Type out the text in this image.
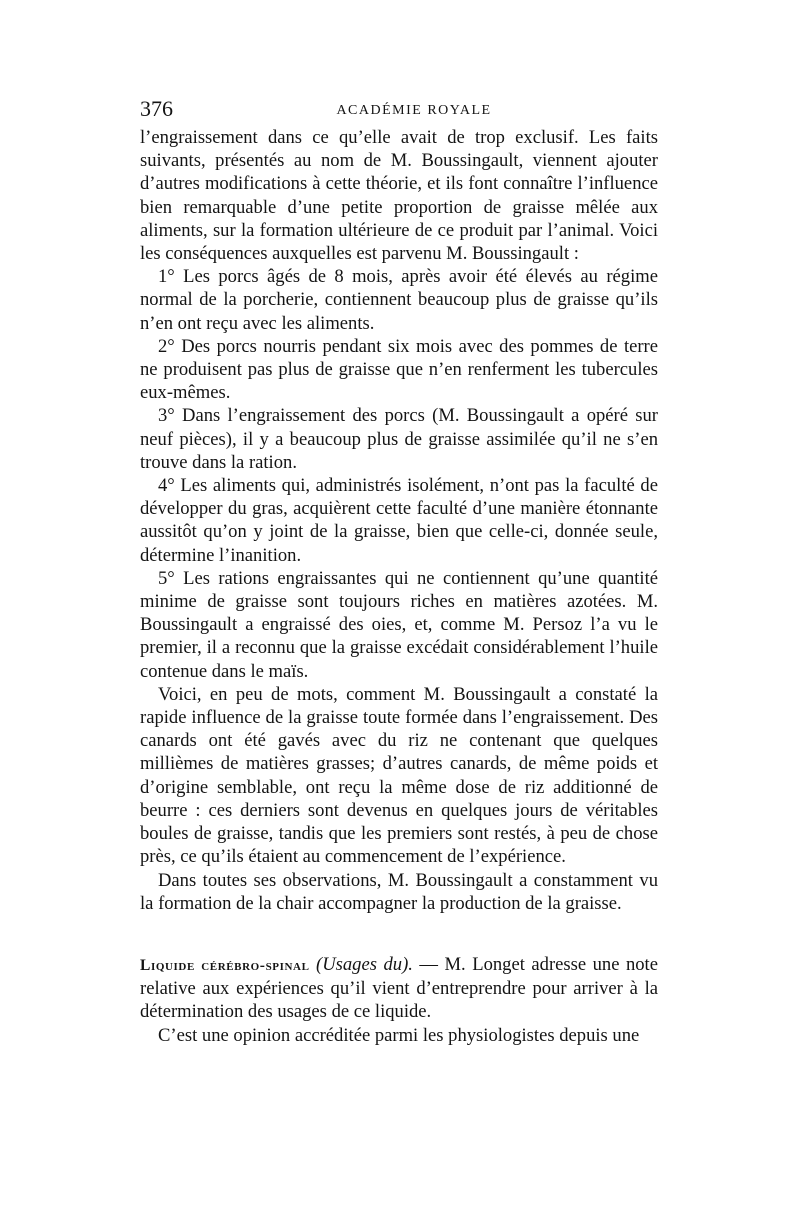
376	ACADÉMIE ROYALE

l’engraissement dans ce qu’elle avait de trop exclusif. Les faits suivants, présentés au nom de M. Boussingault, viennent ajouter d’autres modifications à cette théorie, et ils font connaître l’influence bien remarquable d’une petite proportion de graisse mêlée aux aliments, sur la formation ultérieure de ce produit par l’animal. Voici les conséquences auxquelles est parvenu M. Boussingault :

1° Les porcs âgés de 8 mois, après avoir été élevés au régime normal de la porcherie, contiennent beaucoup plus de graisse qu’ils n’en ont reçu avec les aliments.

2° Des porcs nourris pendant six mois avec des pommes de terre ne produisent pas plus de graisse que n’en renferment les tubercules eux-mêmes.

3° Dans l’engraissement des porcs (M. Boussingault a opéré sur neuf pièces), il y a beaucoup plus de graisse assimilée qu’il ne s’en trouve dans la ration.

4° Les aliments qui, administrés isolément, n’ont pas la faculté de développer du gras, acquièrent cette faculté d’une manière étonnante aussitôt qu’on y joint de la graisse, bien que celle-ci, donnée seule, détermine l’inanition.

5° Les rations engraissantes qui ne contiennent qu’une quantité minime de graisse sont toujours riches en matières azotées. M. Boussingault a engraissé des oies, et, comme M. Persoz l’a vu le premier, il a reconnu que la graisse excédait considérablement l’huile contenue dans le maïs.

Voici, en peu de mots, comment M. Boussingault a constaté la rapide influence de la graisse toute formée dans l’engraissement. Des canards ont été gavés avec du riz ne contenant que quelques millièmes de matières grasses; d’autres canards, de même poids et d’origine semblable, ont reçu la même dose de riz additionné de beurre : ces derniers sont devenus en quelques jours de véritables boules de graisse, tandis que les premiers sont restés, à peu de chose près, ce qu’ils étaient au commencement de l’expérience.

Dans toutes ses observations, M. Boussingault a constamment vu la formation de la chair accompagner la production de la graisse.

Liquide cérébro-spinal (Usages du). — M. Longet adresse une note relative aux expériences qu’il vient d’entreprendre pour arriver à la détermination des usages de ce liquide.

C’est une opinion accréditée parmi les physiologistes depuis une
